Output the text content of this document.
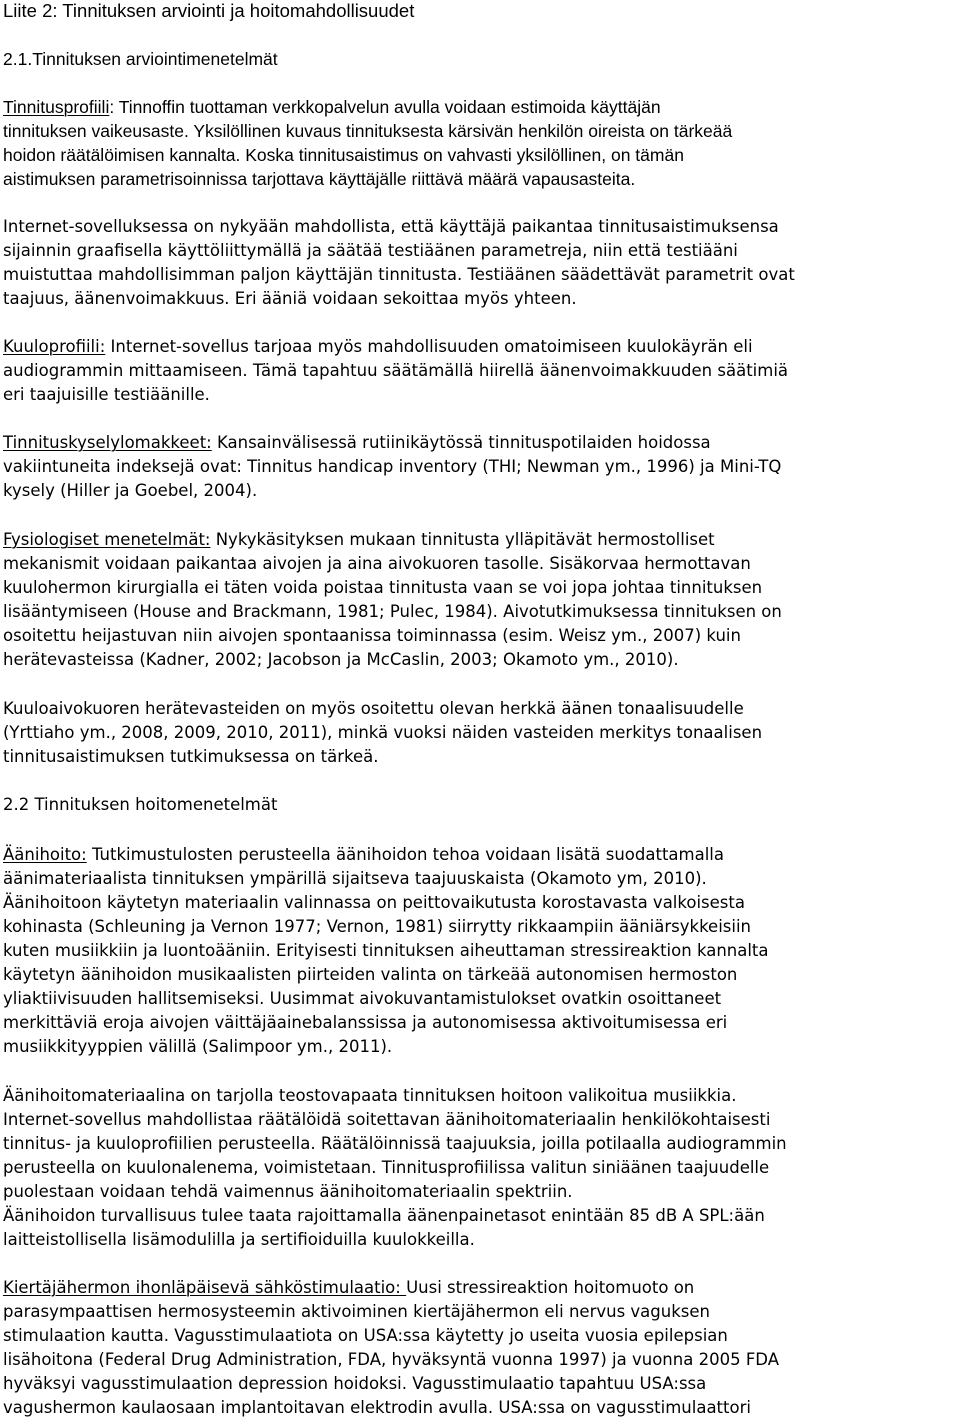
Liite 2: Tinnituksen arviointi ja hoitomahdollisuudet
2.1.Tinnituksen arviointimenetelmät
Tinnitusprofiili: Tinnoffin tuottaman verkkopalvelun avulla voidaan estimoida käyttäjän
tinnituksen vaikeusaste. Yksilöllinen kuvaus tinnituksesta kärsivän henkilön oireista on tärkeää
hoidon räätälöimisen kannalta. Koska tinnitusaistimus on vahvasti yksilöllinen, on tämän
aistimuksen parametrisoinnissa tarjottava käyttäjälle riittävä määrä vapausasteita.
Internet-sovelluksessa on nykyään mahdollista, että käyttäjä paikantaa tinnitusaistimuksensa
sijainnin graafisella käyttöliittymällä ja säätää testiäänen parametreja, niin että testiääni
muistuttaa mahdollisimman paljon käyttäjän tinnitusta. Testiäänen säädettävät parametrit ovat
taajuus, äänenvoimakkuus. Eri ääniä voidaan sekoittaa myös yhteen.
Kuuloprofiili: Internet-sovellus tarjoaa myös mahdollisuuden omatoimiseen kuulokäyrän eli
audiogrammin mittaamiseen. Tämä tapahtuu säätämällä hiirellä äänenvoimakkuuden säätimiä
eri taajuisille testiäänille.
Tinnituskyselylomakkeet: Kansainvälisessä rutiinikäytössä tinnituspotilaiden hoidossa
vakiintuneita indeksejä ovat: Tinnitus handicap inventory (THI; Newman ym., 1996) ja Mini-TQ
kysely (Hiller ja Goebel, 2004).
Fysiologiset menetelmät: Nykykäsityksen mukaan tinnitusta ylläpitävät hermostolliset
mekanismit voidaan paikantaa aivojen ja aina aivokuoren tasolle. Sisäkorvaa hermottavan
kuulohermon kirurgialla ei täten voida poistaa tinnitusta vaan se voi jopa johtaa tinnituksen
lisääntymiseen (House and Brackmann, 1981; Pulec, 1984). Aivotutkimuksessa tinnituksen on
osoitettu heijastuvan niin aivojen spontaanissa toiminnassa (esim. Weisz ym., 2007) kuin
herätevasteissa (Kadner, 2002; Jacobson ja McCaslin, 2003; Okamoto ym., 2010).
Kuuloaivokuoren herätevasteiden on myös osoitettu olevan herkkä äänen tonaalisuudelle
(Yrttiaho ym., 2008, 2009, 2010, 2011), minkä vuoksi näiden vasteiden merkitys tonaalisen
tinnitusaistimuksen tutkimuksessa on tärkeä.
2.2 Tinnituksen hoitomenetelmät
Äänihoito: Tutkimustulosten perusteella äänihoidon tehoa voidaan lisätä suodattamalla
äänimateriaalista tinnituksen ympärillä sijaitseva taajuuskaista (Okamoto ym, 2010).
Äänihoitoon käytetyn materiaalin valinnassa on peittovaikutusta korostavasta valkoisesta
kohinasta (Schleuning ja Vernon 1977; Vernon, 1981) siirrytty rikkaampiin ääniärsykkeisiin
kuten musiikkiin ja luontoääniin. Erityisesti tinnituksen aiheuttaman stressireaktion kannalta
käytetyn äänihoidon musikaalisten piirteiden valinta on tärkeää autonomisen hermoston
yliaktiivisuuden hallitsemiseksi. Uusimmat aivokuvantamistulokset ovatkin osoittaneet
merkittäviä eroja aivojen väittäjäainebalanssissa ja autonomisessa aktivoitumisessa eri
musiikkityyppien välillä (Salimpoor ym., 2011).
Äänihoitomateriaalina on tarjolla teostovapaata tinnituksen hoitoon valikoitua musiikkia.
Internet-sovellus mahdollistaa räätälöidä soitettavan äänihoitomateriaalin henkilökohtaisesti
tinnitus- ja kuuloprofiilien perusteella. Räätälöinnissä taajuuksia, joilla potilaalla audiogrammin
perusteella on kuulonalenema, voimistetaan. Tinnitusprofiilissa valitun siniäänen taajuudelle
puolestaan voidaan tehdä vaimennus äänihoitomateriaalin spektriin.
Äänihoidon turvallisuus tulee taata rajoittamalla äänenpainetasot enintään 85 dB A SPL:ään
laitteistollisella lisämodulilla ja sertifioiduilla kuulokkeilla.
Kiertäjähermon ihonläpäisevä sähköstimulaatio: Uusi stressireaktion hoitomuoto on
parasympaattisen hermosysteemin aktivoiminen kiertäjähermon eli nervus vaguksen
stimulaation kautta. Vagusstimulaatiota on USA:ssa käytetty jo useita vuosia epilepsian
lisähoitona (Federal Drug Administration, FDA, hyväksyntä vuonna 1997) ja vuonna 2005 FDA
hyväksyi vagusstimulaation depression hoidoksi. Vagusstimulaatio tapahtuu USA:ssa
vagushermon kaulaosaan implantoitavan elektrodin avulla. USA:ssa on vagusstimulaattori
